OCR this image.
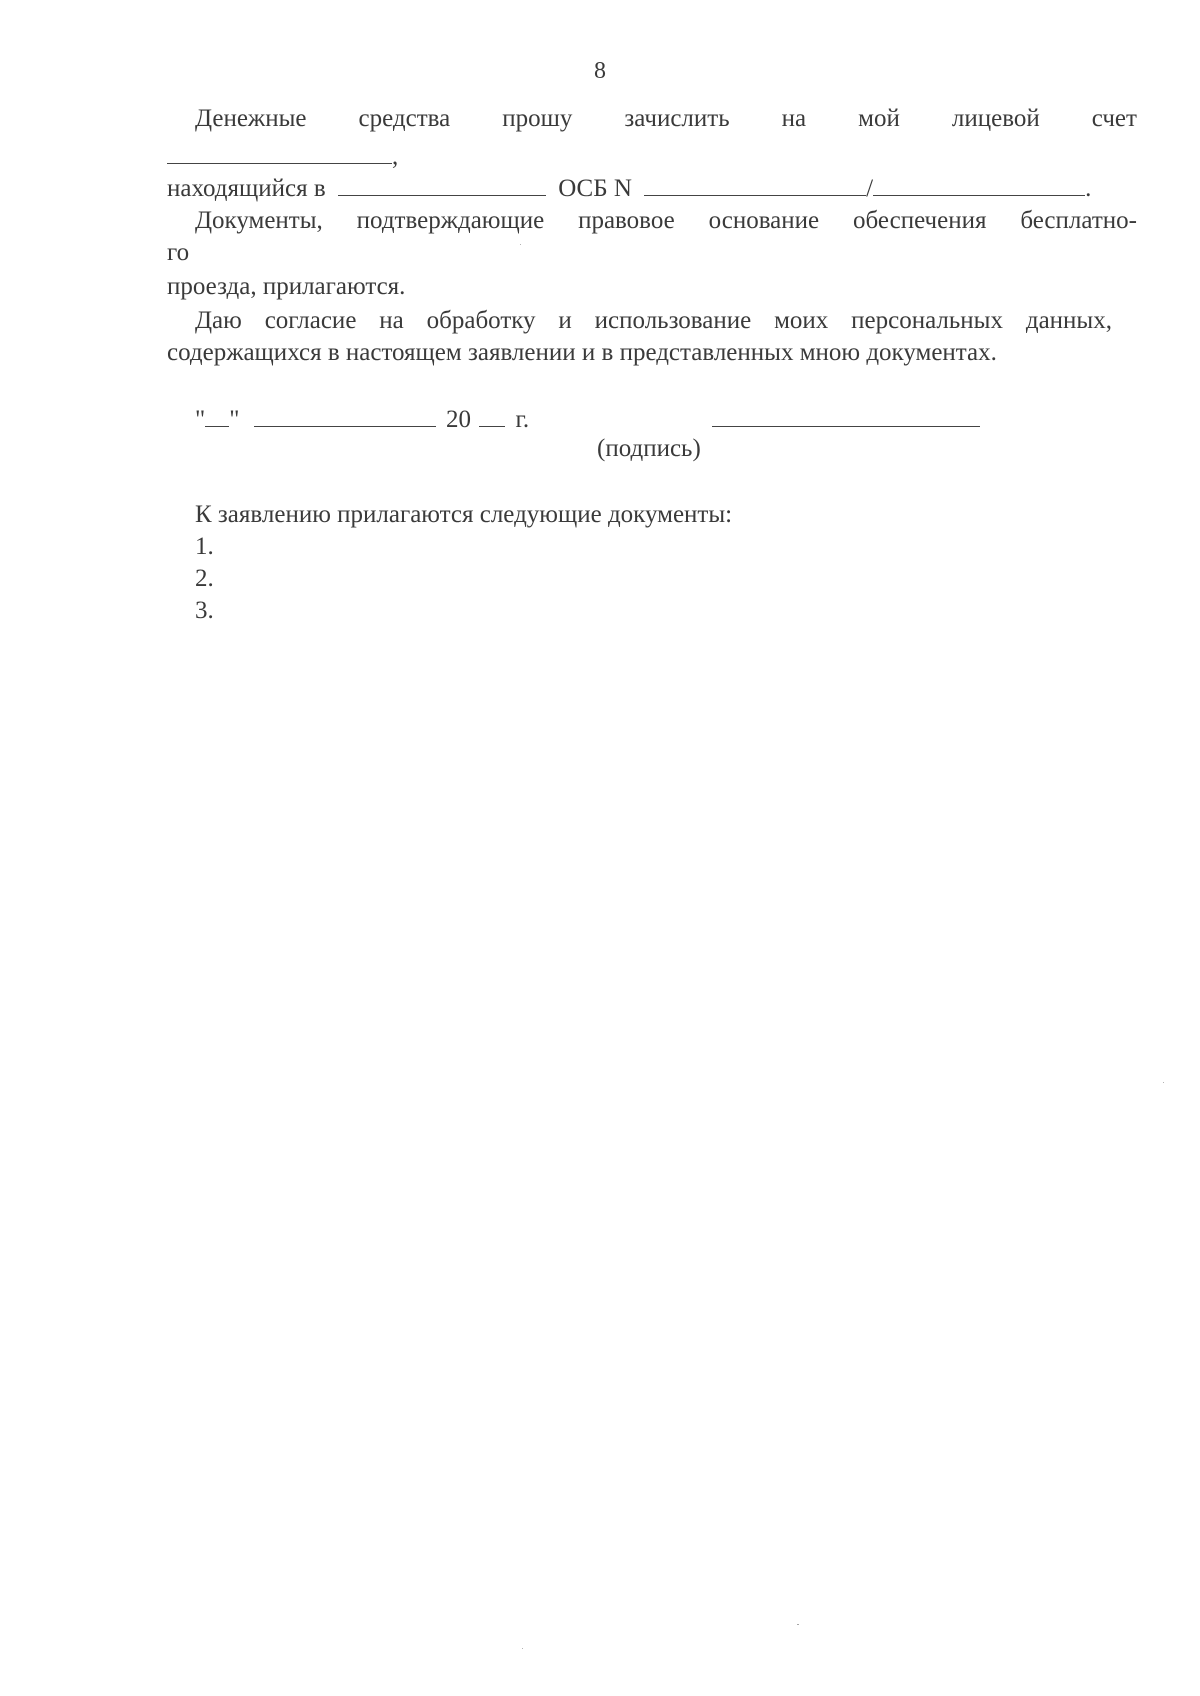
8
Денежные средства прошу зачислить на мой лицевой счет
,
находящийся в	ОСБ N	/	.
Документы, подтверждающие правовое основание обеспечения бесплатно-
го
проезда, прилагаются.
Даю согласие на обработку и использование моих персональных данных,
содержащихся в настоящем заявлении и в представленных мною документах.
" "	20 г.
(подпись)
К заявлению прилагаются следующие документы:
1.
2.
3.
